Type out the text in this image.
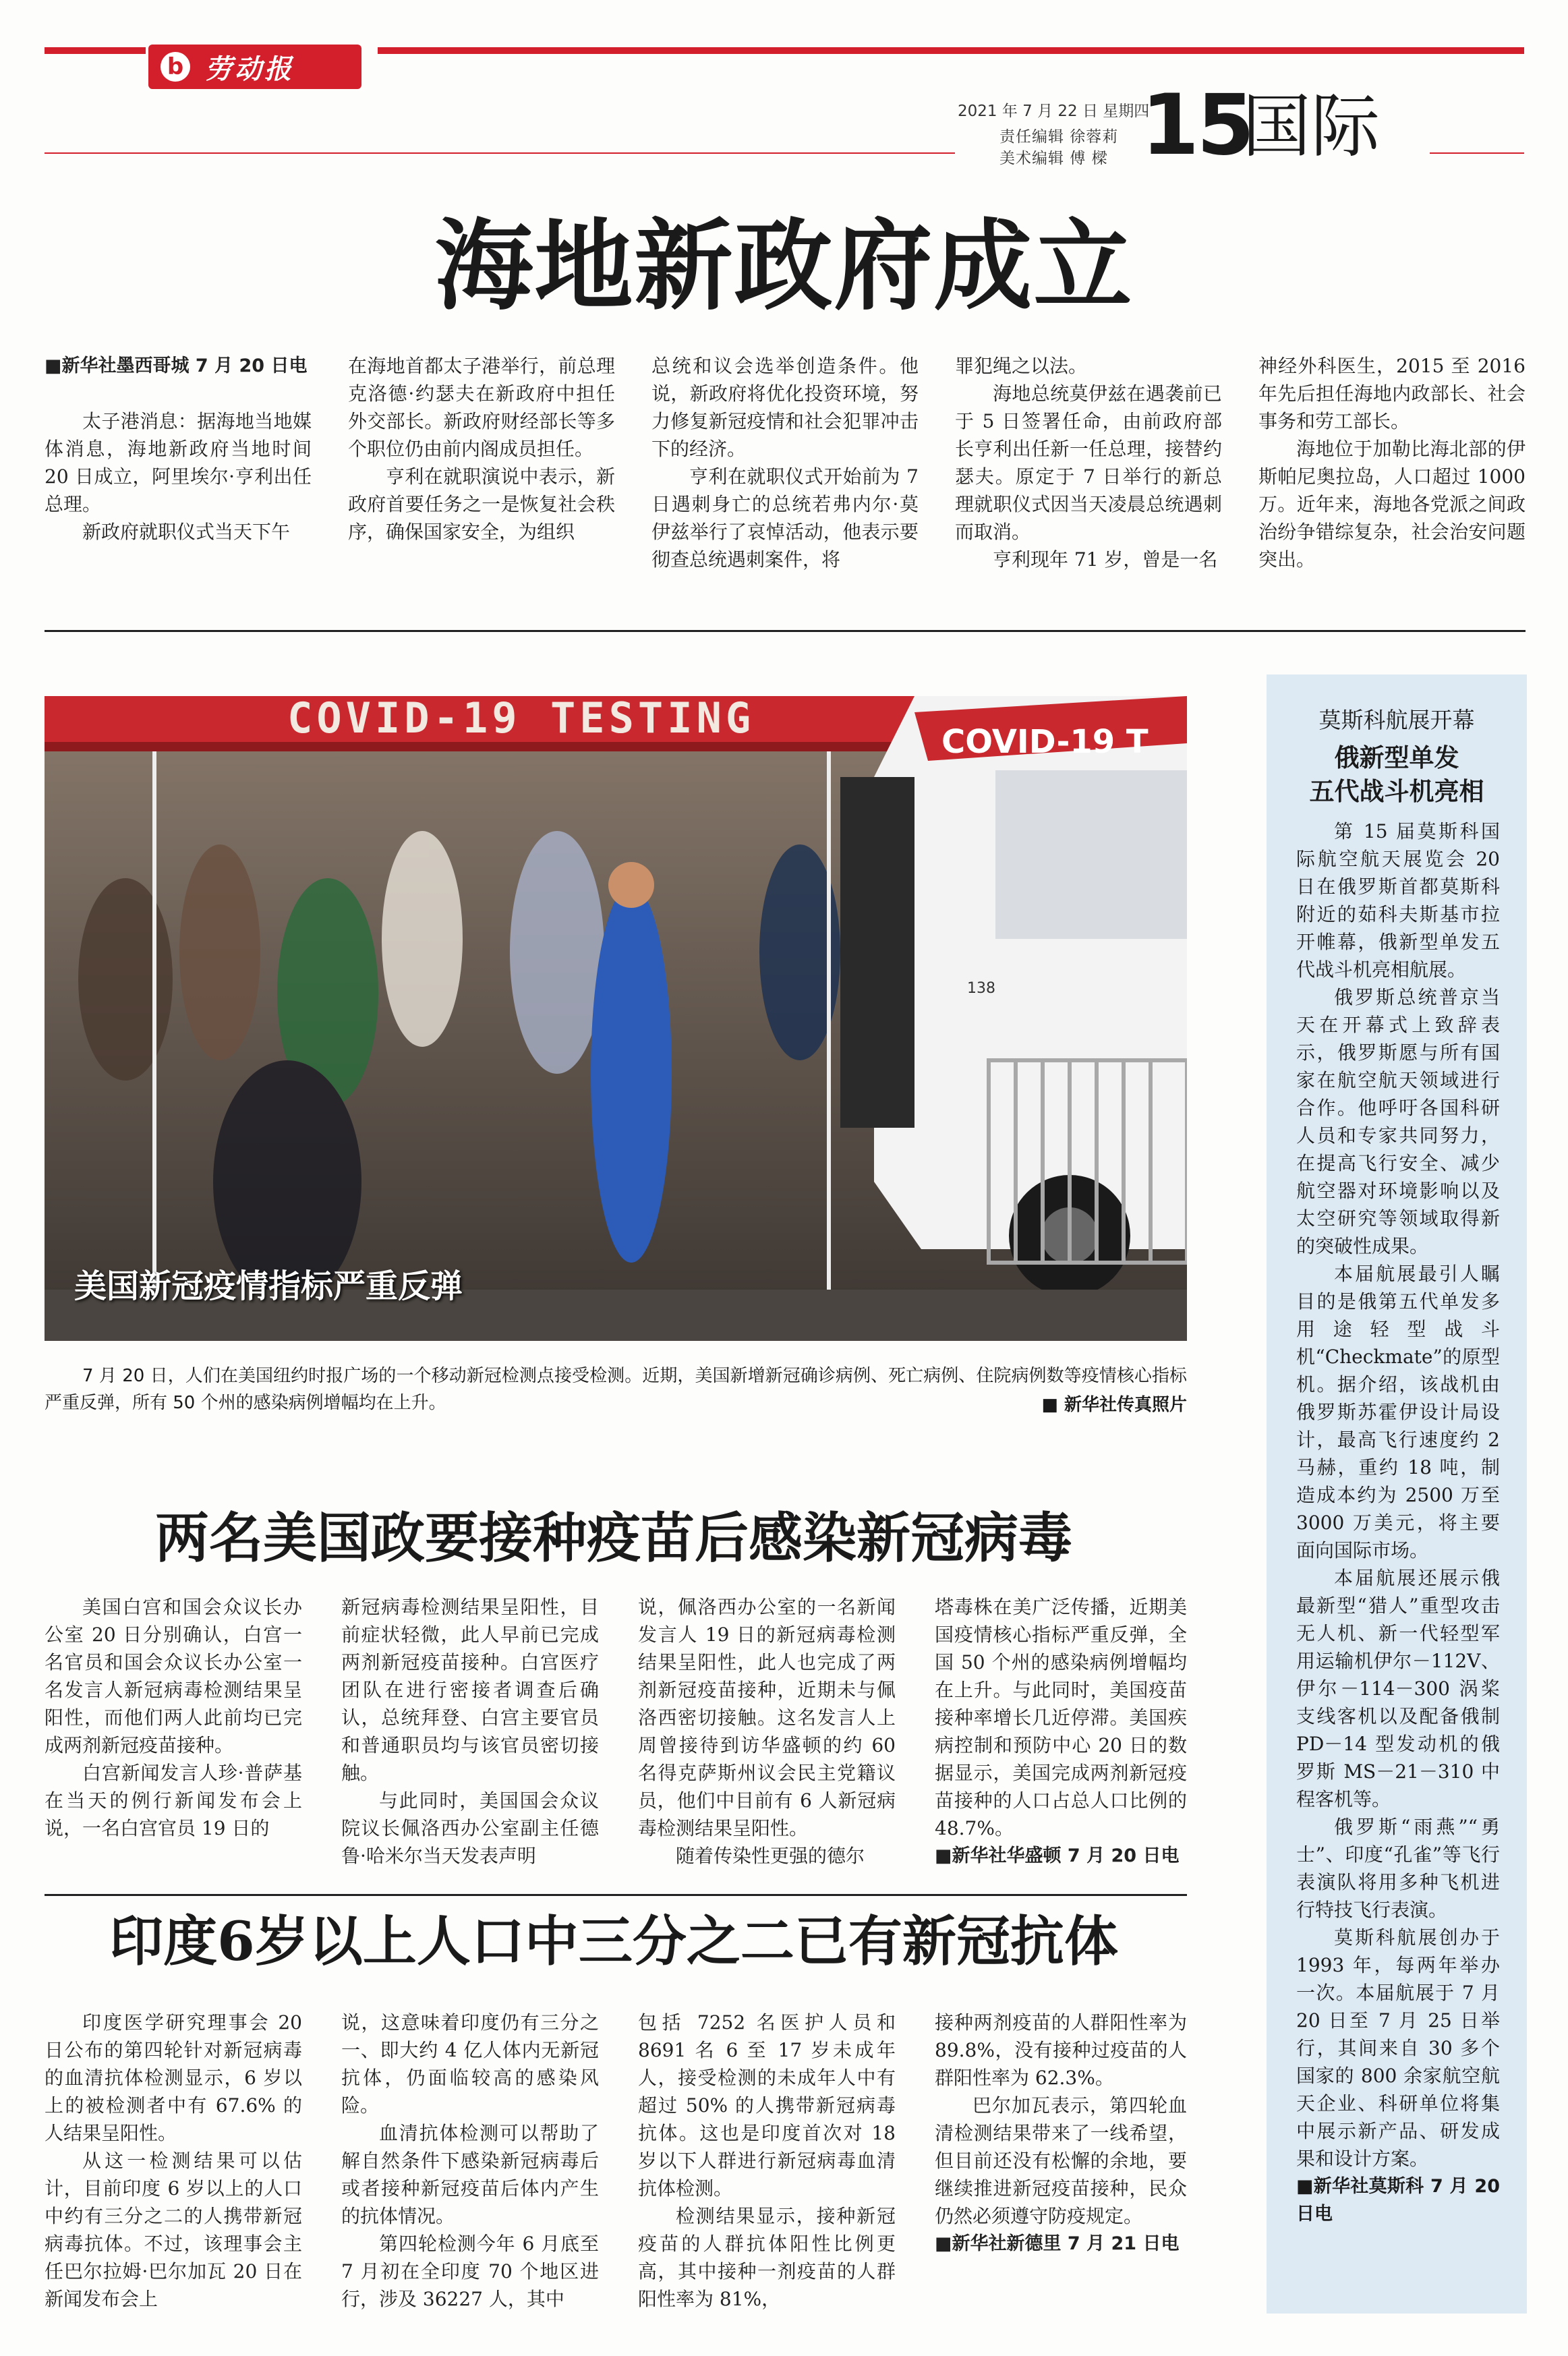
b 劳动报
2021 年 7 月 22 日 星期四
责任编辑 徐蓉莉
美术编辑 傅 樑 15
国际
海地新政府成立
■新华社墨西哥城 7 月 20 日电

太子港消息：据海地当地媒体消息，海地新政府当地时间 20 日成立，阿里埃尔·亨利出任总理。

新政府就职仪式当天下午

在海地首都太子港举行，前总理克洛德·约瑟夫在新政府中担任外交部长。新政府财经部长等多个职位仍由前内阁成员担任。

亨利在就职演说中表示，新政府首要任务之一是恢复社会秩序，确保国家安全，为组织

总统和议会选举创造条件。他说，新政府将优化投资环境，努力修复新冠疫情和社会犯罪冲击下的经济。

亨利在就职仪式开始前为 7 日遇刺身亡的总统若弗内尔·莫伊兹举行了哀悼活动，他表示要彻查总统遇刺案件，将

罪犯绳之以法。

海地总统莫伊兹在遇袭前已于 5 日签署任命，由前政府部长亨利出任新一任总理，接替约瑟夫。原定于 7 日举行的新总理就职仪式因当天凌晨总统遇刺而取消。

亨利现年 71 岁，曾是一名

神经外科医生，2015 至 2016 年先后担任海地内政部长、社会事务和劳工部长。

海地位于加勒比海北部的伊斯帕尼奥拉岛，人口超过 1000 万。近年来，海地各党派之间政治纷争错综复杂，社会治安问题突出。

COVID-19 TESTING	COVID-19 T
138
美国新冠疫情指标严重反弹
7 月 20 日，人们在美国纽约时报广场的一个移动新冠检测点接受检测。近期，美国新增新冠确诊病例、死亡病例、住院病例数等疫情核心指标严重反弹，所有 50 个州的感染病例增幅均在上升。	■ 新华社传真照片
两名美国政要接种疫苗后感染新冠病毒

美国白宫和国会众议长办公室 20 日分别确认，白宫一名官员和国会众议长办公室一名发言人新冠病毒检测结果呈阳性，而他们两人此前均已完成两剂新冠疫苗接种。

白宫新闻发言人珍·普萨基在当天的例行新闻发布会上说，一名白宫官员 19 日的

新冠病毒检测结果呈阳性，目前症状轻微，此人早前已完成两剂新冠疫苗接种。白宫医疗团队在进行密接者调查后确认，总统拜登、白宫主要官员和普通职员均与该官员密切接触。

与此同时，美国国会众议院议长佩洛西办公室副主任德鲁·哈米尔当天发表声明

说，佩洛西办公室的一名新闻发言人 19 日的新冠病毒检测结果呈阳性，此人也完成了两剂新冠疫苗接种，近期未与佩洛西密切接触。这名发言人上周曾接待到访华盛顿的约 60 名得克萨斯州议会民主党籍议员，他们中目前有 6 人新冠病毒检测结果呈阳性。

随着传染性更强的德尔

塔毒株在美广泛传播，近期美国疫情核心指标严重反弹，全国 50 个州的感染病例增幅均在上升。与此同时，美国疫苗接种率增长几近停滞。美国疾病控制和预防中心 20 日的数据显示，美国完成两剂新冠疫苗接种的人口占总人口比例的 48.7%。

■新华社华盛顿 7 月 20 日电
印度6岁以上人口中三分之二已有新冠抗体

印度医学研究理事会 20 日公布的第四轮针对新冠病毒的血清抗体检测显示，6 岁以上的被检测者中有 67.6% 的人结果呈阳性。

从这一检测结果可以估计，目前印度 6 岁以上的人口中约有三分之二的人携带新冠病毒抗体。不过，该理事会主任巴尔拉姆·巴尔加瓦 20 日在新闻发布会上

说，这意味着印度仍有三分之一、即大约 4 亿人体内无新冠抗体，仍面临较高的感染风险。

血清抗体检测可以帮助了解自然条件下感染新冠病毒后或者接种新冠疫苗后体内产生的抗体情况。

第四轮检测今年 6 月底至 7 月初在全印度 70 个地区进行，涉及 36227 人，其中

包括 7252 名医护人员和 8691 名 6 至 17 岁未成年人，接受检测的未成年人中有超过 50% 的人携带新冠病毒抗体。这也是印度首次对 18 岁以下人群进行新冠病毒血清抗体检测。

检测结果显示，接种新冠疫苗的人群抗体阳性比例更高，其中接种一剂疫苗的人群阳性率为 81%，

接种两剂疫苗的人群阳性率为 89.8%，没有接种过疫苗的人群阳性率为 62.3%。

巴尔加瓦表示，第四轮血清检测结果带来了一线希望，但目前还没有松懈的余地，要继续推进新冠疫苗接种，民众仍然必须遵守防疫规定。

■新华社新德里 7 月 21 日电
莫斯科航展开幕
俄新型单发
五代战斗机亮相

第 15 届莫斯科国际航空航天展览会 20 日在俄罗斯首都莫斯科附近的茹科夫斯基市拉开帷幕，俄新型单发五代战斗机亮相航展。

俄罗斯总统普京当天在开幕式上致辞表示，俄罗斯愿与所有国家在航空航天领域进行合作。他呼吁各国科研人员和专家共同努力，在提高飞行安全、减少航空器对环境影响以及太空研究等领域取得新的突破性成果。

本届航展最引人瞩目的是俄第五代单发多用途轻型战斗机“Checkmate”的原型机。据介绍，该战机由俄罗斯苏霍伊设计局设计，最高飞行速度约 2 马赫，重约 18 吨，制造成本约为 2500 万至 3000 万美元，将主要面向国际市场。

本届航展还展示俄最新型“猎人”重型攻击无人机、新一代轻型军用运输机伊尔－112V、伊尔－114－300 涡桨支线客机以及配备俄制 PD－14 型发动机的俄罗斯 MS－21－310 中程客机等。

俄罗斯“雨燕”“勇士”、印度“孔雀”等飞行表演队将用多种飞机进行特技飞行表演。

莫斯科航展创办于 1993 年，每两年举办一次。本届航展于 7 月 20 日至 7 月 25 日举行，其间来自 30 多个国家的 800 余家航空航天企业、科研单位将集中展示新产品、研发成果和设计方案。

■新华社莫斯科 7 月 20 日电
